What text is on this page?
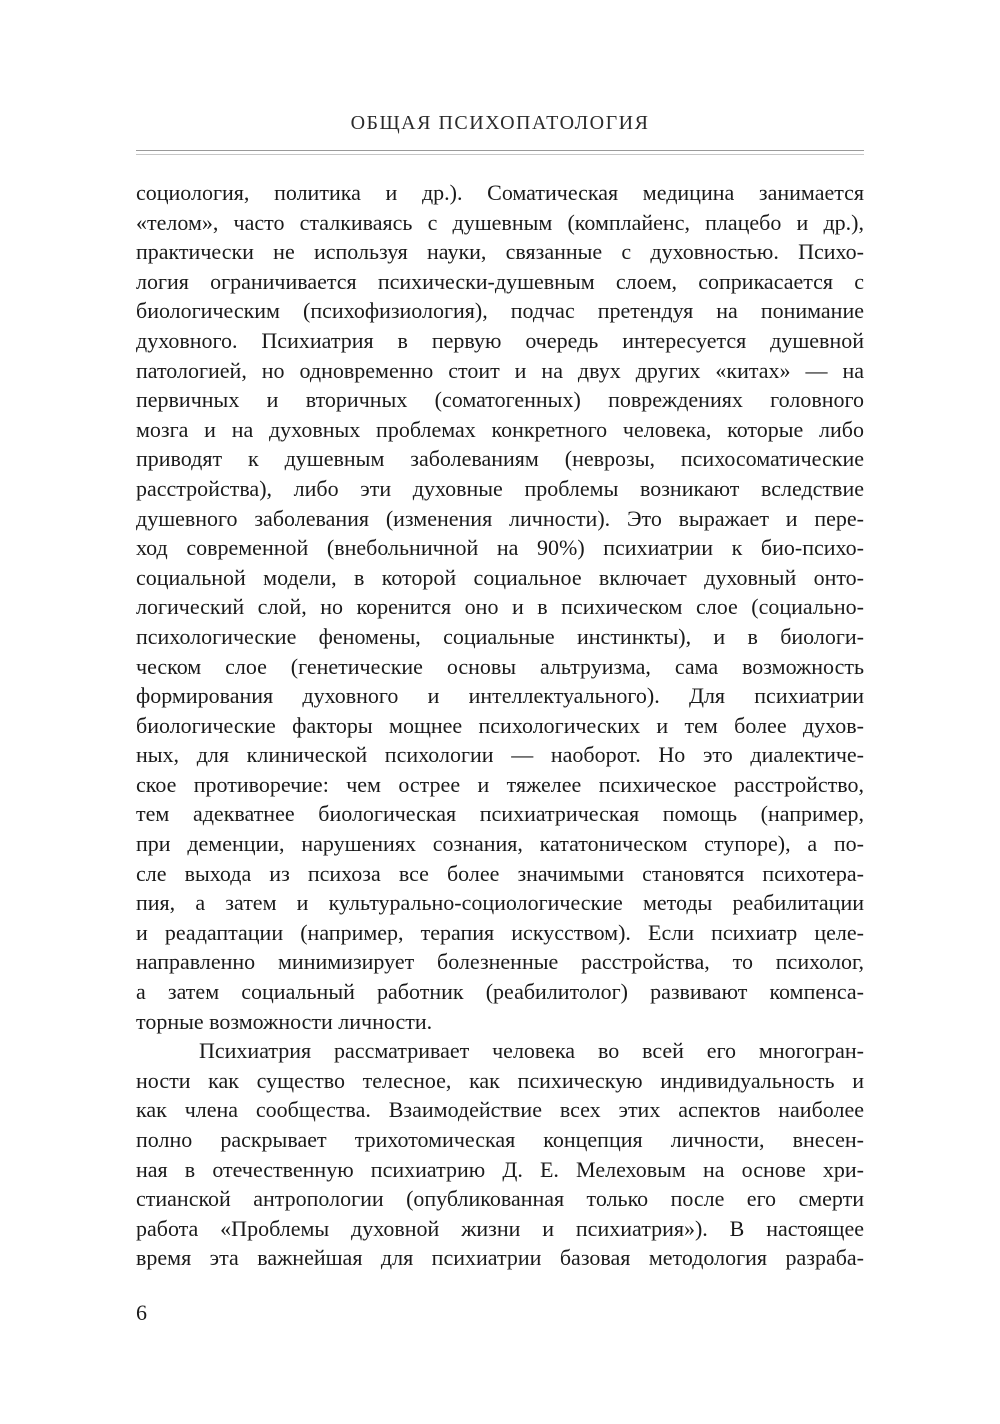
ОБЩАЯ ПСИХОПАТОЛОГИЯ

социология, политика и др.). Соматическая медицина занимается

«телом», часто сталкиваясь с душевным (комплайенс, плацебо и др.),

практически не используя науки, связанные с духовностью. Психо-

логия ограничивается психически-душевным слоем, соприкасается с

биологическим (психофизиология), подчас претендуя на понимание

духовного. Психиатрия в первую очередь интересуется душевной

патологией, но одновременно стоит и на двух других «китах» — на

первичных и вторичных (соматогенных) повреждениях головного

мозга и на духовных проблемах конкретного человека, которые либо

приводят к душевным заболеваниям (неврозы, психосоматические

расстройства), либо эти духовные проблемы возникают вследствие

душевного заболевания (изменения личности). Это выражает и пере-

ход современной (внебольничной на 90%) психиатрии к био-психо-

социальной модели, в которой социальное включает духовный онто-

логический слой, но коренится оно и в психическом слое (социально-

психологические феномены, социальные инстинкты), и в биологи-

ческом слое (генетические основы альтруизма, сама возможность

формирования духовного и интеллектуального). Для психиатрии

биологические факторы мощнее психологических и тем более духов-

ных, для клинической психологии — наоборот. Но это диалектиче-

ское противоречие: чем острее и тяжелее психическое расстройство,

тем адекватнее биологическая психиатрическая помощь (например,

при деменции, нарушениях сознания, кататоническом ступоре), а по-

сле выхода из психоза все более значимыми становятся психотера-

пия, а затем и культурально-социологические методы реабилитации

и реадаптации (например, терапия искусством). Если психиатр целе-

направленно минимизирует болезненные расстройства, то психолог,

а затем социальный работник (реабилитолог) развивают компенса-

торные возможности личности.

Психиатрия рассматривает человека во всей его многогран-

ности как существо телесное, как психическую индивидуальность и

как члена сообщества. Взаимодействие всех этих аспектов наиболее

полно раскрывает трихотомическая концепция личности, внесен-

ная в отечественную психиатрию Д. Е. Мелеховым на основе хри-

стианской антропологии (опубликованная только после его смерти

работа «Проблемы духовной жизни и психиатрия»). В настоящее

время эта важнейшая для психиатрии базовая методология разраба-

6
